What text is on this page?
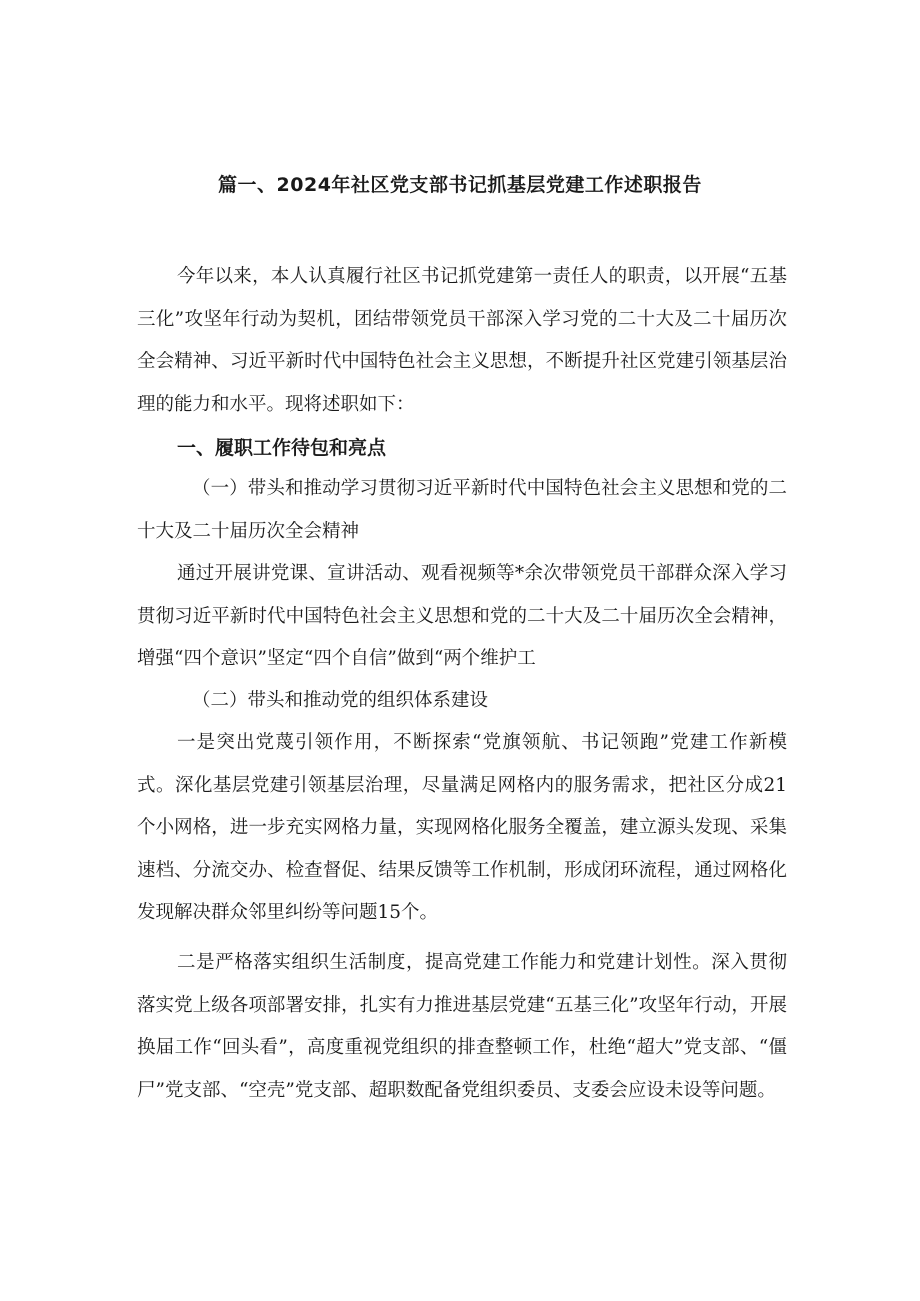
篇一、2024年社区党支部书记抓基层党建工作述职报告

今年以来，本人认真履行社区书记抓党建第一责任人的职责，以开展“五基三化”攻坚年行动为契机，团结带领党员干部深入学习党的二十大及二十届历次全会精神、习近平新时代中国特色社会主义思想，不断提升社区党建引领基层治理的能力和水平。现将述职如下：

一、履职工作待包和亮点

（一）带头和推动学习贯彻习近平新时代中国特色社会主义思想和党的二十大及二十届历次全会精神

通过开展讲党课、宣讲活动、观看视频等*余次带领党员干部群众深入学习贯彻习近平新时代中国特色社会主义思想和党的二十大及二十届历次全会精神，增强“四个意识”坚定“四个自信”做到“两个维护工

（二）带头和推动党的组织体系建设

一是突出党蔑引领作用，不断探索“党旗领航、书记领跑”党建工作新模式。深化基层党建引领基层治理，尽量满足网格内的服务需求，把社区分成21个小网格，进一步充实网格力量，实现网格化服务全覆盖，建立源头发现、采集速档、分流交办、检查督促、结果反馈等工作机制，形成闭环流程，通过网格化发现解决群众邻里纠纷等问题15个。

二是严格落实组织生活制度，提高党建工作能力和党建计划性。深入贯彻落实党上级各项部署安排，扎实有力推进基层党建“五基三化”攻坚年行动，开展换届工作“回头看”，高度重视党组织的排查整顿工作，杜绝“超大”党支部、“僵尸”党支部、“空壳”党支部、超职数配备党组织委员、支委会应设未设等问题。
